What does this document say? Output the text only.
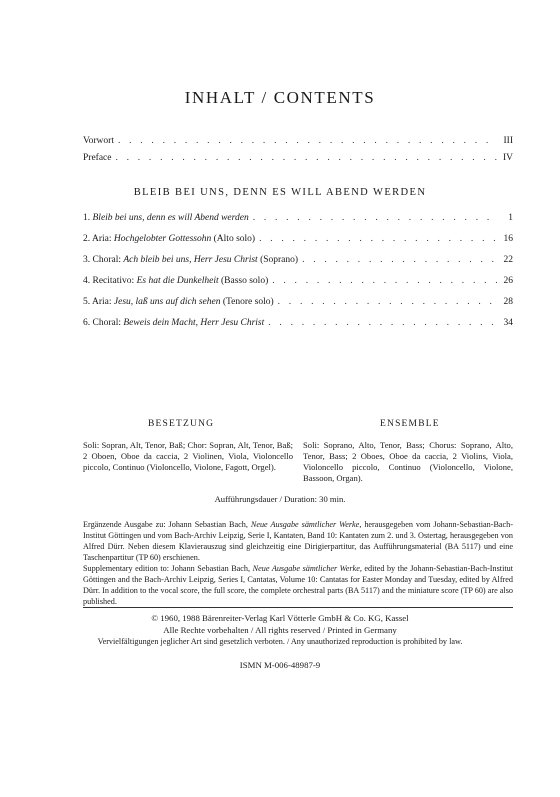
INHALT / CONTENTS
Vorwort . . .	III
Preface . . .	IV
BLEIB BEI UNS, DENN ES WILL ABEND WERDEN
1. Bleib bei uns, denn es will Abend werden . . .	1
2. Aria: Hochgelobter Gottessohn (Alto solo) . . .	16
3. Choral: Ach bleib bei uns, Herr Jesu Christ (Soprano) . . .	22
4. Recitativo: Es hat die Dunkelheit (Basso solo) . . .	26
5. Aria: Jesu, laß uns auf dich sehen (Tenore solo) . . .	28
6. Choral: Beweis dein Macht, Herr Jesu Christ . . .	34
BESETZUNG	ENSEMBLE
Soli: Sopran, Alt, Tenor, Baß; Chor: Sopran, Alt, Tenor, Baß; 2 Oboen, Oboe da caccia, 2 Violinen, Viola, Violoncello piccolo, Continuo (Violoncello, Violone, Fagott, Orgel).
Soli: Soprano, Alto, Tenor, Bass; Chorus: Soprano, Alto, Tenor, Bass; 2 Oboes, Oboe da caccia, 2 Violins, Viola, Violoncello piccolo, Continuo (Violoncello, Violone, Bassoon, Organ).
Aufführungsdauer / Duration: 30 min.
Ergänzende Ausgabe zu: Johann Sebastian Bach, Neue Ausgabe sämtlicher Werke, herausgegeben vom Johann-Sebastian-Bach-Institut Göttingen und vom Bach-Archiv Leipzig, Serie I, Kantaten, Band 10: Kantaten zum 2. und 3. Ostertag, herausgegeben von Alfred Dürr. Neben diesem Klavierauszug sind gleichzeitig eine Dirigierpartitur, das Aufführungsmaterial (BA 5117) und eine Taschenpartitur (TP 60) erschienen.
Supplementary edition to: Johann Sebastian Bach, Neue Ausgabe sämtlicher Werke, edited by the Johann-Sebastian-Bach-Institut Göttingen and the Bach-Archiv Leipzig, Series I, Cantatas, Volume 10: Cantatas for Easter Monday and Tuesday, edited by Alfred Dürr. In addition to the vocal score, the full score, the complete orchestral parts (BA 5117) and the miniature score (TP 60) are also published.
© 1960, 1988 Bärenreiter-Verlag Karl Vötterle GmbH & Co. KG, Kassel
Alle Rechte vorbehalten / All rights reserved / Printed in Germany
Vervielfältigungen jeglicher Art sind gesetzlich verboten. / Any unauthorized reproduction is prohibited by law.
ISMN M-006-48987-9
